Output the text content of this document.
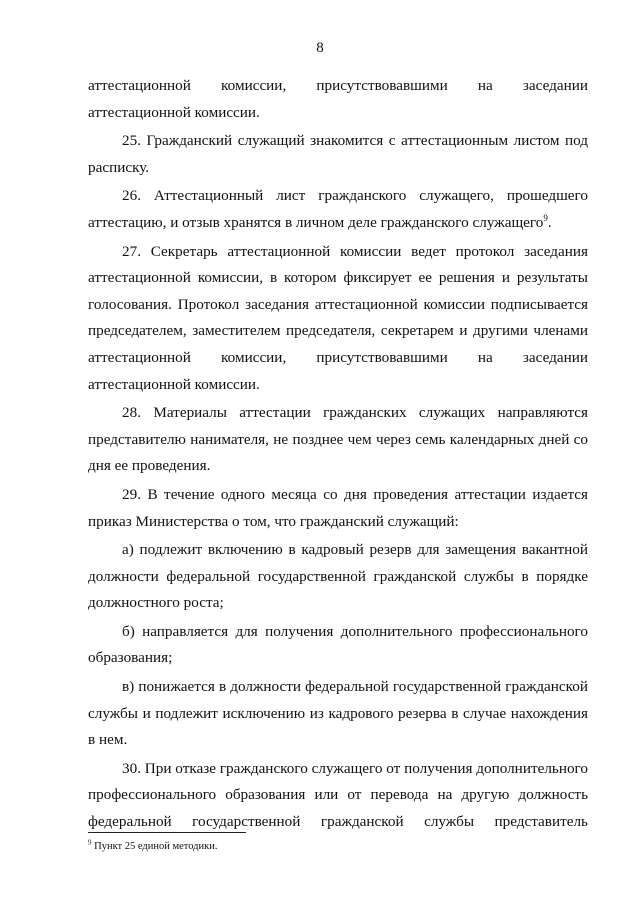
8

аттестационной комиссии, присутствовавшими на заседании аттестационной комиссии.

25. Гражданский служащий знакомится с аттестационным листом под расписку.

26. Аттестационный лист гражданского служащего, прошедшего аттестацию, и отзыв хранятся в личном деле гражданского служащего$^9$.

27. Секретарь аттестационной комиссии ведет протокол заседания аттестационной комиссии, в котором фиксирует ее решения и результаты голосования. Протокол заседания аттестационной комиссии подписывается председателем, заместителем председателя, секретарем и другими членами аттестационной комиссии, присутствовавшими на заседании аттестационной комиссии.

28. Материалы аттестации гражданских служащих направляются представителю нанимателя, не позднее чем через семь календарных дней со дня ее проведения.

29. В течение одного месяца со дня проведения аттестации издается приказ Министерства о том, что гражданский служащий:

а) подлежит включению в кадровый резерв для замещения вакантной должности федеральной государственной гражданской службы в порядке должностного роста;

б) направляется для получения дополнительного профессионального образования;

в) понижается в должности федеральной государственной гражданской службы и подлежит исключению из кадрового резерва в случае нахождения в нем.

30. При отказе гражданского служащего от получения дополнительного профессионального образования или от перевода на другую должность федеральной государственной гражданской службы представитель

$^9$ Пункт 25 единой методики.
